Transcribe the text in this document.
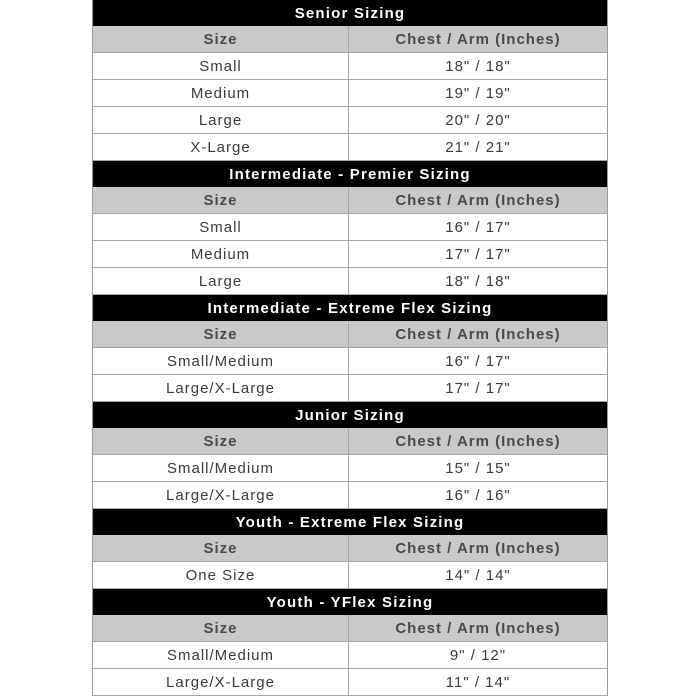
Senior Sizing
Size	Chest / Arm (Inches)
Small	18" / 18"
Medium	19" / 19"
Large	20" / 20"
X-Large	21" / 21"
Intermediate - Premier Sizing
Size	Chest / Arm (Inches)
Small	16" / 17"
Medium	17" / 17"
Large	18" / 18"
Intermediate - Extreme Flex Sizing
Size	Chest / Arm (Inches)
Small/Medium	16" / 17"
Large/X-Large	17" / 17"
Junior Sizing
Size	Chest / Arm (Inches)
Small/Medium	15" / 15"
Large/X-Large	16" / 16"
Youth - Extreme Flex Sizing
Size	Chest / Arm (Inches)
One Size	14" / 14"
Youth - YFlex Sizing
Size	Chest / Arm (Inches)
Small/Medium	9" / 12"
Large/X-Large	11" / 14"
